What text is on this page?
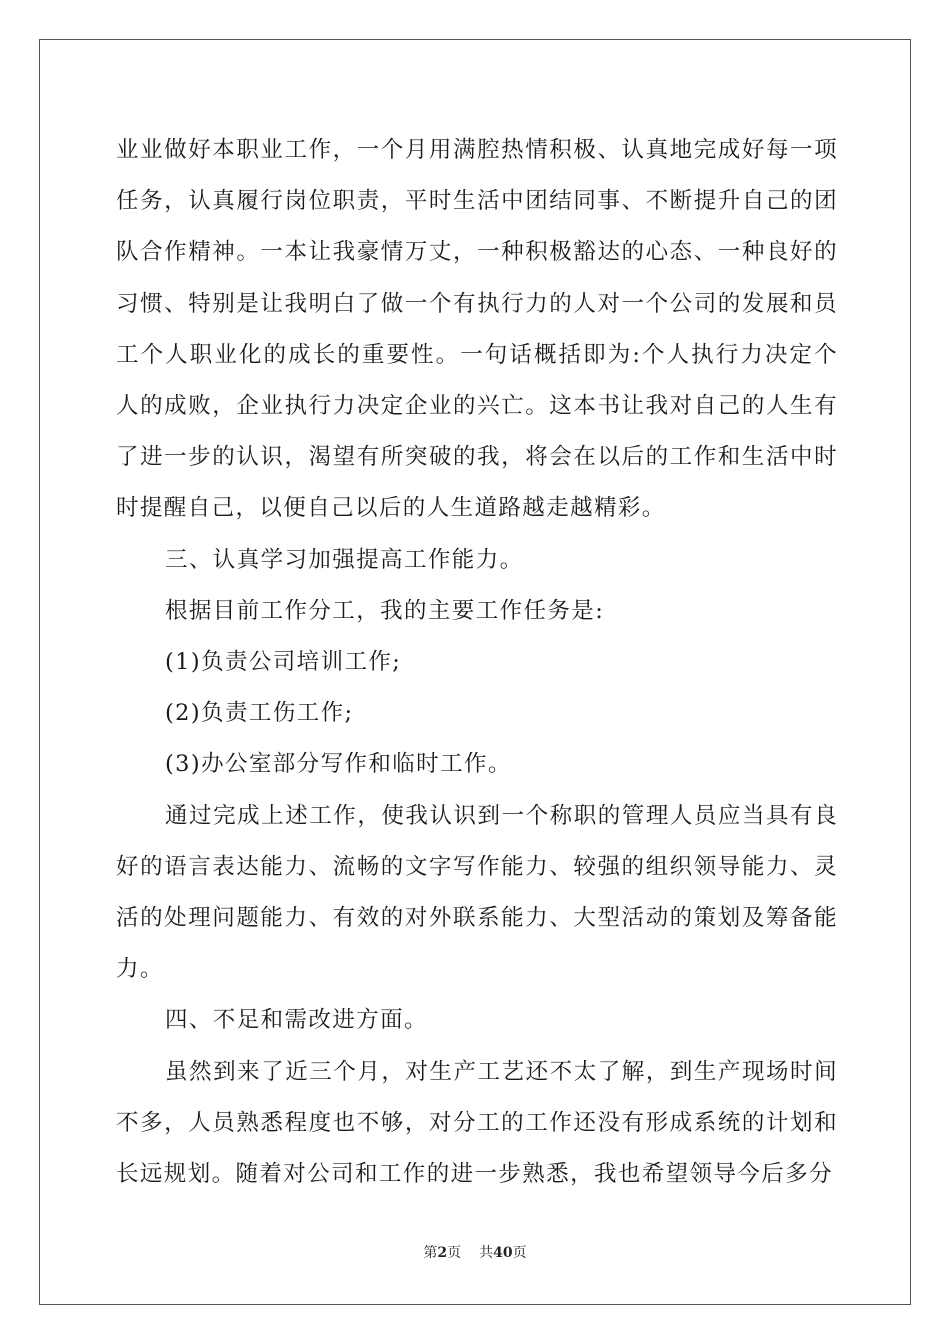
业业做好本职业工作，一个月用满腔热情积极、认真地完成好每一项任务，认真履行岗位职责，平时生活中团结同事、不断提升自己的团队合作精神。一本让我豪情万丈，一种积极豁达的心态、一种良好的习惯、特别是让我明白了做一个有执行力的人对一个公司的发展和员工个人职业化的成长的重要性。一句话概括即为:个人执行力决定个人的成败，企业执行力决定企业的兴亡。这本书让我对自己的人生有了进一步的认识，渴望有所突破的我，将会在以后的工作和生活中时时提醒自己，以便自己以后的人生道路越走越精彩。

三、认真学习加强提高工作能力。

根据目前工作分工，我的主要工作任务是:

(1)负责公司培训工作;

(2)负责工伤工作;

(3)办公室部分写作和临时工作。

通过完成上述工作，使我认识到一个称职的管理人员应当具有良好的语言表达能力、流畅的文字写作能力、较强的组织领导能力、灵活的处理问题能力、有效的对外联系能力、大型活动的策划及筹备能力。

四、不足和需改进方面。

虽然到来了近三个月，对生产工艺还不太了解，到生产现场时间不多，人员熟悉程度也不够，对分工的工作还没有形成系统的计划和长远规划。随着对公司和工作的进一步熟悉，我也希望领导今后多分

第2页 共40页
